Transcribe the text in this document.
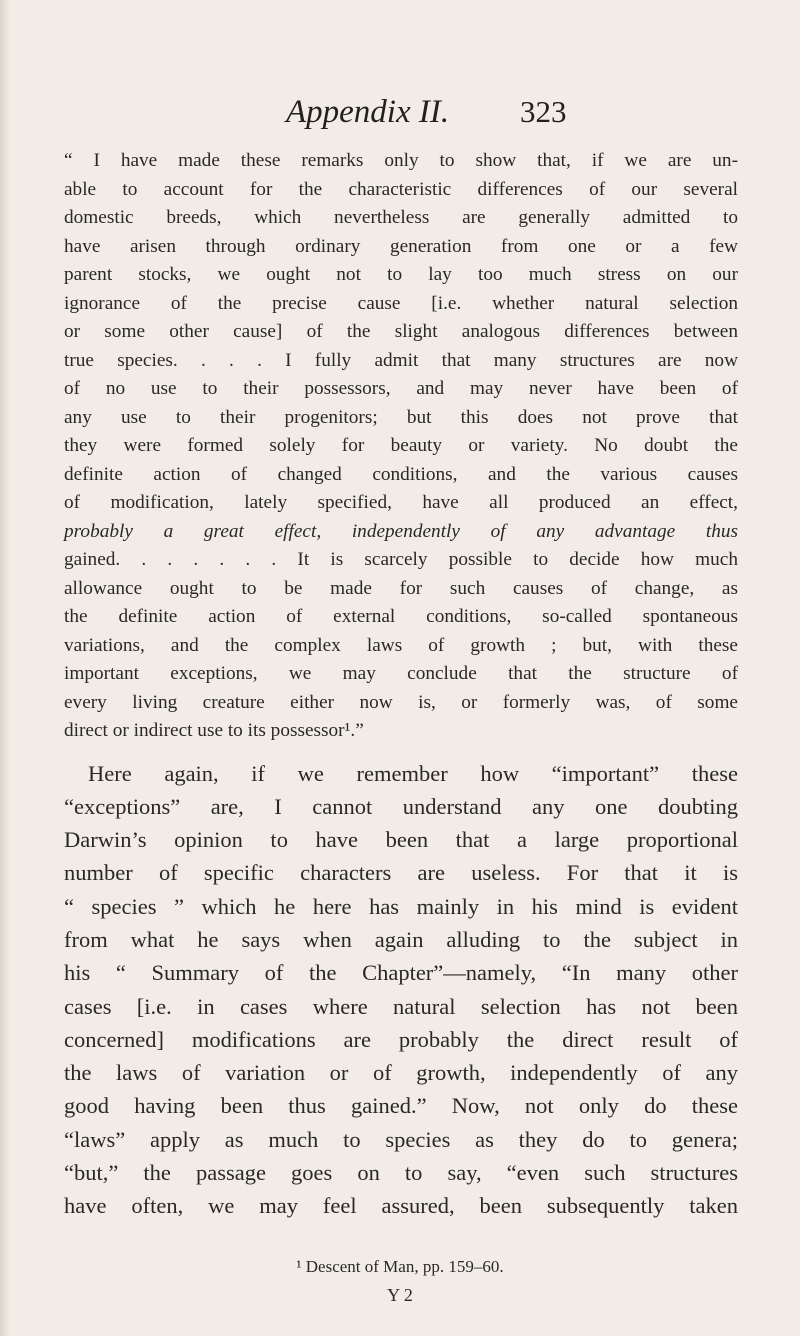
Appendix II. 323
“ I have made these remarks only to show that, if we are un-
able to account for the characteristic differences of our several
domestic breeds, which nevertheless are generally admitted to
have arisen through ordinary generation from one or a few
parent stocks, we ought not to lay too much stress on our
ignorance of the precise cause [i.e. whether natural selection
or some other cause] of the slight analogous differences between
true species. . . . I fully admit that many structures are now
of no use to their possessors, and may never have been of
any use to their progenitors; but this does not prove that
they were formed solely for beauty or variety. No doubt the
definite action of changed conditions, and the various causes
of modification, lately specified, have all produced an effect,
probably a great effect, independently of any advantage thus
gained. . . . . . . It is scarcely possible to decide how much
allowance ought to be made for such causes of change, as
the definite action of external conditions, so-called spontaneous
variations, and the complex laws of growth ; but, with these
important exceptions, we may conclude that the structure of
every living creature either now is, or formerly was, of some
direct or indirect use to its possessor¹.”
Here again, if we remember how “important” these
“exceptions” are, I cannot understand any one doubting
Darwin’s opinion to have been that a large proportional
number of specific characters are useless. For that it is
“ species ” which he here has mainly in his mind is evident
from what he says when again alluding to the subject in
his “ Summary of the Chapter”—namely, “In many other
cases [i.e. in cases where natural selection has not been
concerned] modifications are probably the direct result of
the laws of variation or of growth, independently of any
good having been thus gained.” Now, not only do these
“laws” apply as much to species as they do to genera;
“but,” the passage goes on to say, “even such structures
have often, we may feel assured, been subsequently taken
¹ Descent of Man, pp. 159–60.
Y 2
